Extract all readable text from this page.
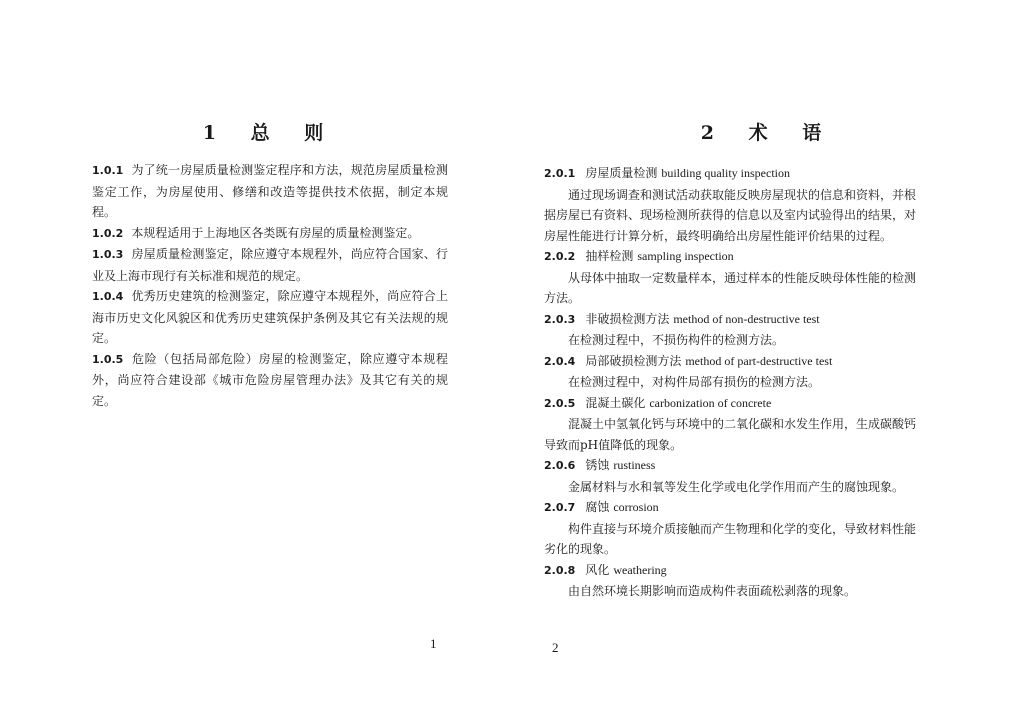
1 总 则

1.0.1 为了统一房屋质量检测鉴定程序和方法，规范房屋质量检测鉴定工作，为房屋使用、修缮和改造等提供技术依据，制定本规程。

1.0.2 本规程适用于上海地区各类既有房屋的质量检测鉴定。

1.0.3 房屋质量检测鉴定，除应遵守本规程外，尚应符合国家、行业及上海市现行有关标准和规范的规定。

1.0.4 优秀历史建筑的检测鉴定，除应遵守本规程外，尚应符合上海市历史文化风貌区和优秀历史建筑保护条例及其它有关法规的规定。

1.0.5 危险（包括局部危险）房屋的检测鉴定，除应遵守本规程外，尚应符合建设部《城市危险房屋管理办法》及其它有关的规定。

1
2 术 语

2.0.1 房屋质量检测 building quality inspection

通过现场调查和测试活动获取能反映房屋现状的信息和资料，并根据房屋已有资料、现场检测所获得的信息以及室内试验得出的结果，对房屋性能进行计算分析，最终明确给出房屋性能评价结果的过程。

2.0.2 抽样检测 sampling inspection

从母体中抽取一定数量样本，通过样本的性能反映母体性能的检测方法。

2.0.3 非破损检测方法 method of non-destructive test

在检测过程中，不损伤构件的检测方法。

2.0.4 局部破损检测方法 method of part-destructive test

在检测过程中，对构件局部有损伤的检测方法。

2.0.5 混凝土碳化 carbonization of concrete

混凝土中氢氧化钙与环境中的二氧化碳和水发生作用，生成碳酸钙导致而pH值降低的现象。

2.0.6 锈蚀 rustiness

金属材料与水和氧等发生化学或电化学作用而产生的腐蚀现象。

2.0.7 腐蚀 corrosion

构件直接与环境介质接触而产生物理和化学的变化，导致材料性能劣化的现象。

2.0.8 风化 weathering

由自然环境长期影响而造成构件表面疏松剥落的现象。

2
